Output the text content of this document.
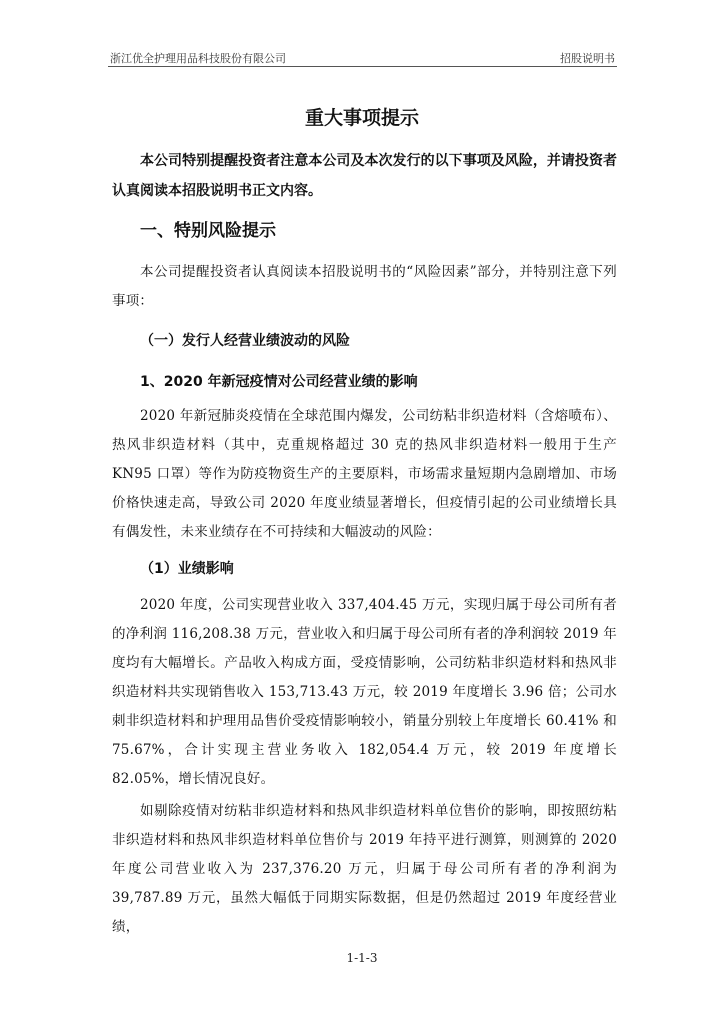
浙江优全护理用品科技股份有限公司	招股说明书
重大事项提示
本公司特别提醒投资者注意本公司及本次发行的以下事项及风险，并请投资者认真阅读本招股说明书正文内容。
一、特别风险提示
本公司提醒投资者认真阅读本招股说明书的“风险因素”部分，并特别注意下列事项：
（一）发行人经营业绩波动的风险
1、2020 年新冠疫情对公司经营业绩的影响
2020 年新冠肺炎疫情在全球范围内爆发，公司纺粘非织造材料（含熔喷布）、热风非织造材料（其中，克重规格超过 30 克的热风非织造材料一般用于生产 KN95 口罩）等作为防疫物资生产的主要原料，市场需求量短期内急剧增加、市场价格快速走高，导致公司 2020 年度业绩显著增长，但疫情引起的公司业绩增长具有偶发性，未来业绩存在不可持续和大幅波动的风险：
（1）业绩影响
2020 年度，公司实现营业收入 337,404.45 万元，实现归属于母公司所有者的净利润 116,208.38 万元，营业收入和归属于母公司所有者的净利润较 2019 年度均有大幅增长。产品收入构成方面，受疫情影响，公司纺粘非织造材料和热风非织造材料共实现销售收入 153,713.43 万元，较 2019 年度增长 3.96 倍；公司水刺非织造材料和护理用品售价受疫情影响较小，销量分别较上年度增长 60.41% 和 75.67%，合计实现主营业务收入 182,054.4 万元，较 2019 年度增长 82.05%，增长情况良好。
如剔除疫情对纺粘非织造材料和热风非织造材料单位售价的影响，即按照纺粘非织造材料和热风非织造材料单位售价与 2019 年持平进行测算，则测算的 2020 年度公司营业收入为 237,376.20 万元，归属于母公司所有者的净利润为 39,787.89 万元，虽然大幅低于同期实际数据，但是仍然超过 2019 年度经营业绩，
1-1-3
